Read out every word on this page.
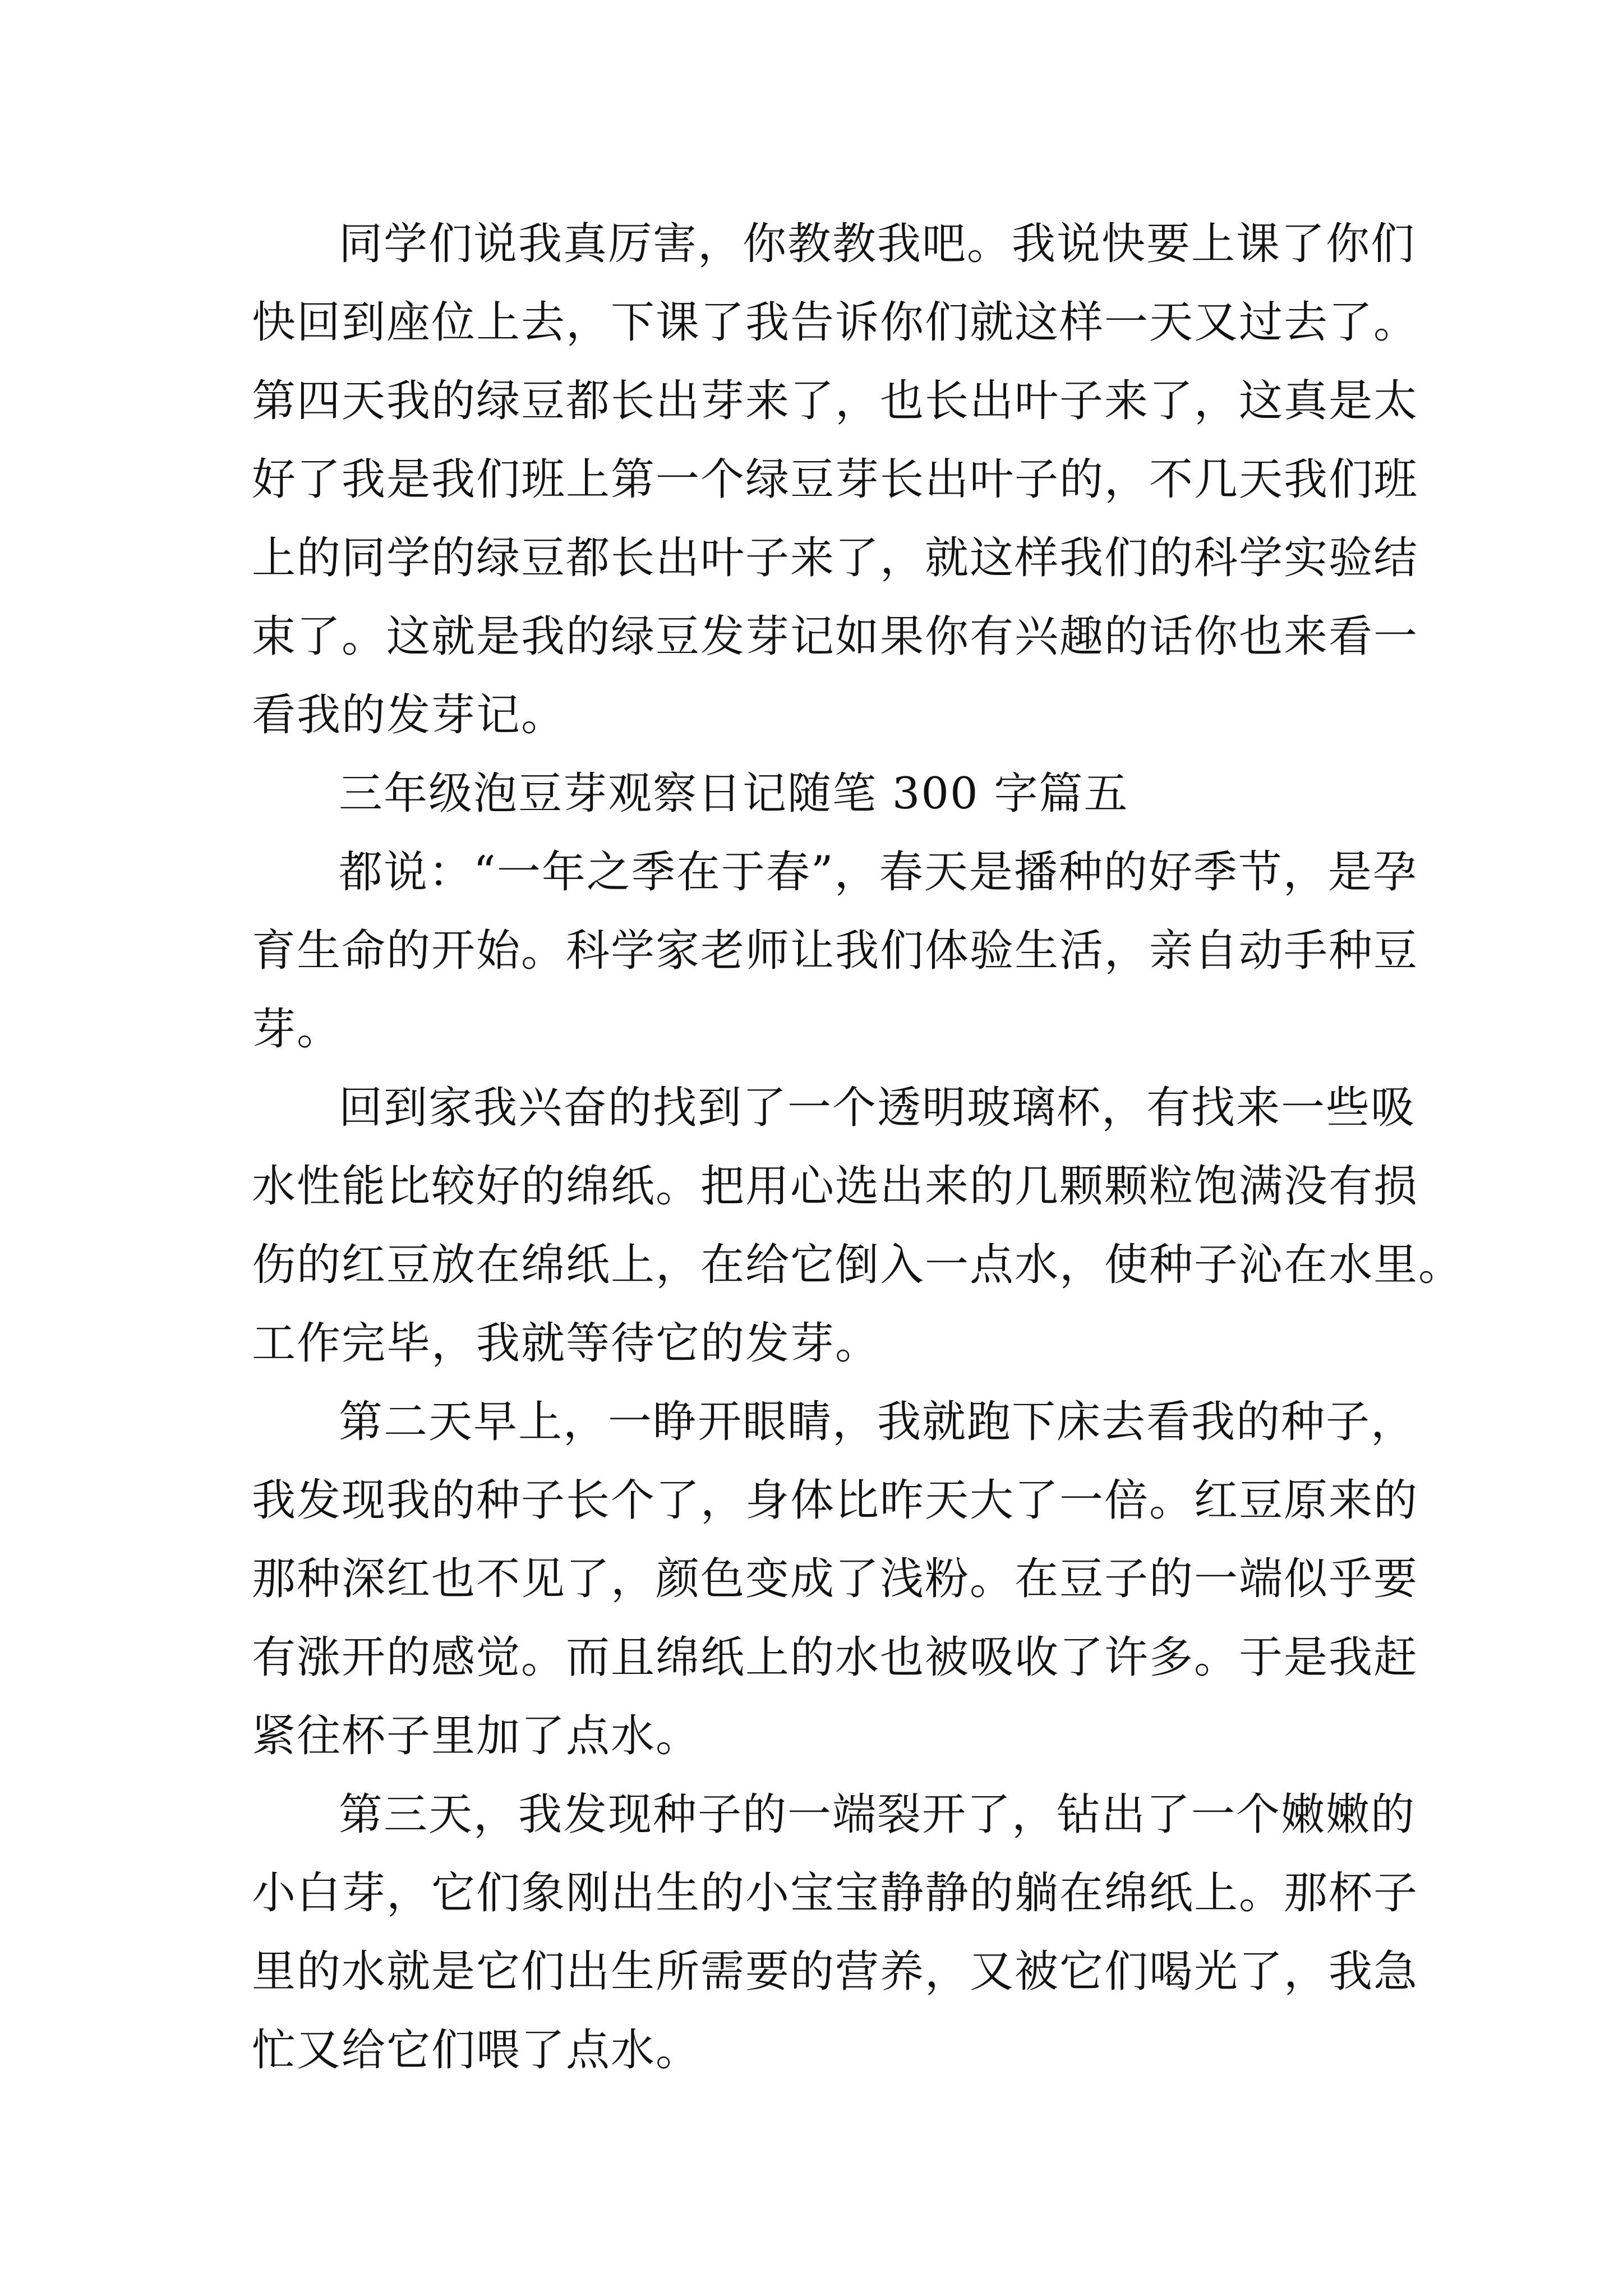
同学们说我真厉害，你教教我吧。我说快要上课了你们
快回到座位上去，下课了我告诉你们就这样一天又过去了。
第四天我的绿豆都长出芽来了，也长出叶子来了，这真是太
好了我是我们班上第一个绿豆芽长出叶子的，不几天我们班
上的同学的绿豆都长出叶子来了，就这样我们的科学实验结
束了。这就是我的绿豆发芽记如果你有兴趣的话你也来看一
看我的发芽记。
三年级泡豆芽观察日记随笔 300 字篇五
都说：“一年之季在于春”，春天是播种的好季节，是孕
育生命的开始。科学家老师让我们体验生活，亲自动手种豆
芽。
回到家我兴奋的找到了一个透明玻璃杯，有找来一些吸
水性能比较好的绵纸。把用心选出来的几颗颗粒饱满没有损
伤的红豆放在绵纸上，在给它倒入一点水，使种子沁在水里。
工作完毕，我就等待它的发芽。
第二天早上，一睁开眼睛，我就跑下床去看我的种子，
我发现我的种子长个了，身体比昨天大了一倍。红豆原来的
那种深红也不见了，颜色变成了浅粉。在豆子的一端似乎要
有涨开的感觉。而且绵纸上的水也被吸收了许多。于是我赶
紧往杯子里加了点水。
第三天，我发现种子的一端裂开了，钻出了一个嫩嫩的
小白芽，它们象刚出生的小宝宝静静的躺在绵纸上。那杯子
里的水就是它们出生所需要的营养，又被它们喝光了，我急
忙又给它们喂了点水。
